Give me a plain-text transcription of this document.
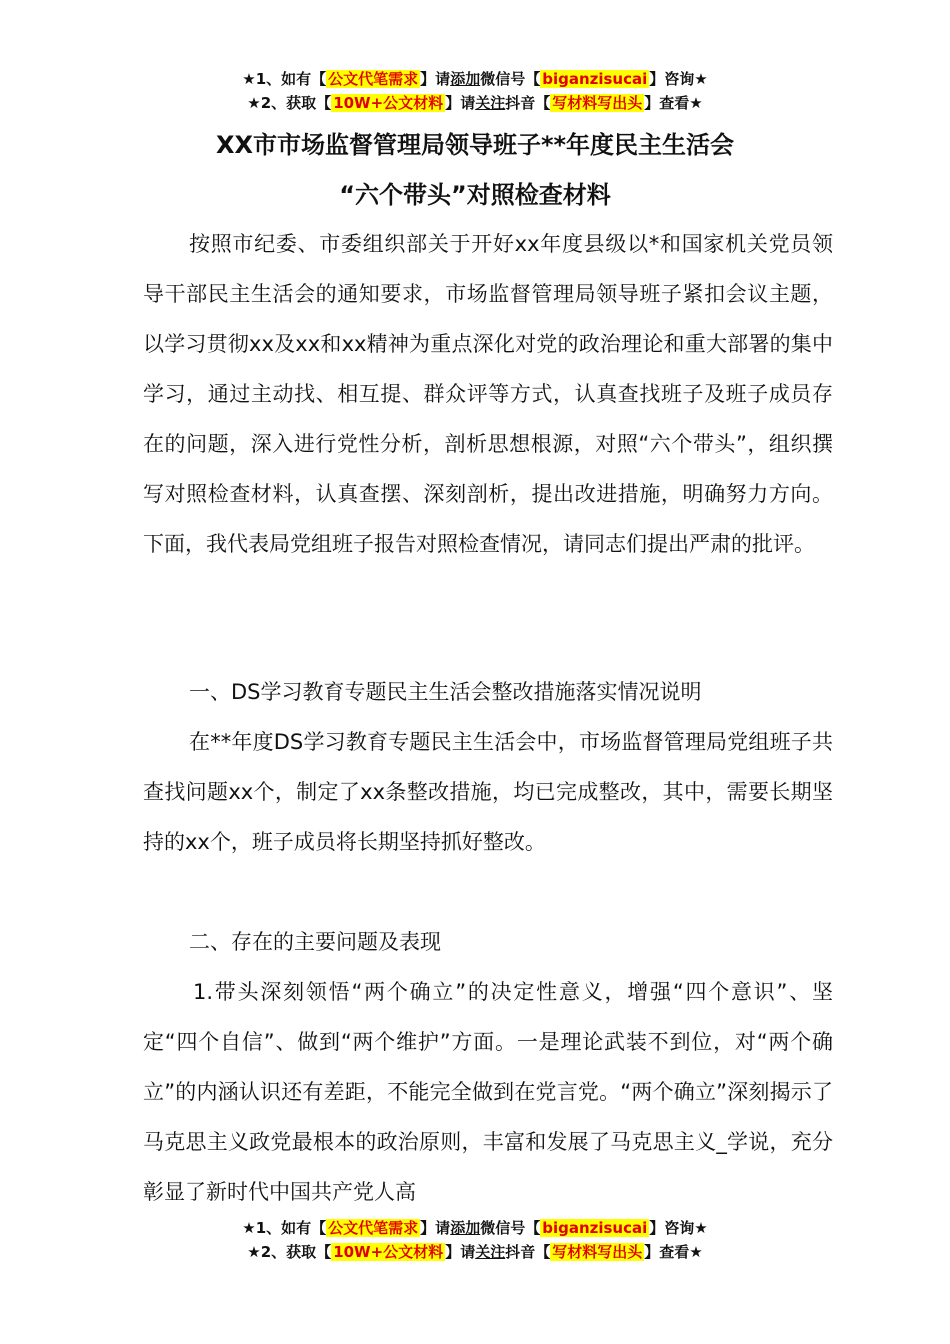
★1、如有【 公文代笔需求 】请添加微信号【 biganzisucai 】咨询★
★2、获取【 10W+公文材料 】请关注抖音【 写材料写出头 】查看★
XX市市场监督管理局领导班子**年度民主生活会
“六个带头”对照检查材料

按照市纪委、市委组织部关于开好xx年度县级以*和国家机关党员领导干部民主生活会的通知要求，市场监督管理局领导班子紧扣会议主题，以学习贯彻xx及xx和xx精神为重点深化对党的政治理论和重大部署的集中学习，通过主动找、相互提、群众评等方式，认真查找班子及班子成员存在的问题，深入进行党性分析，剖析思想根源，对照“六个带头”，组织撰写对照检查材料，认真查摆、深刻剖析，提出改进措施，明确努力方向。下面，我代表局党组班子报告对照检查情况，请同志们提出严肃的批评。

一、DS学习教育专题民主生活会整改措施落实情况说明

在**年度DS学习教育专题民主生活会中，市场监督管理局党组班子共查找问题xx个，制定了xx条整改措施，均已完成整改，其中，需要长期坚持的xx个，班子成员将长期坚持抓好整改。

二、存在的主要问题及表现

1.带头深刻领悟“两个确立”的决定性意义，增强“四个意识”、坚定“四个自信”、做到“两个维护”方面。一是理论武装不到位，对“两个确立”的内涵认识还有差距，不能完全做到在党言党。“两个确立”深刻揭示了马克思主义政党最根本的政治原则，丰富和发展了马克思主义_学说，充分彰显了新时代中国共产党人高

★1、如有【 公文代笔需求 】请添加微信号【 biganzisucai 】咨询★
★2、获取【 10W+公文材料 】请关注抖音【 写材料写出头 】查看★
